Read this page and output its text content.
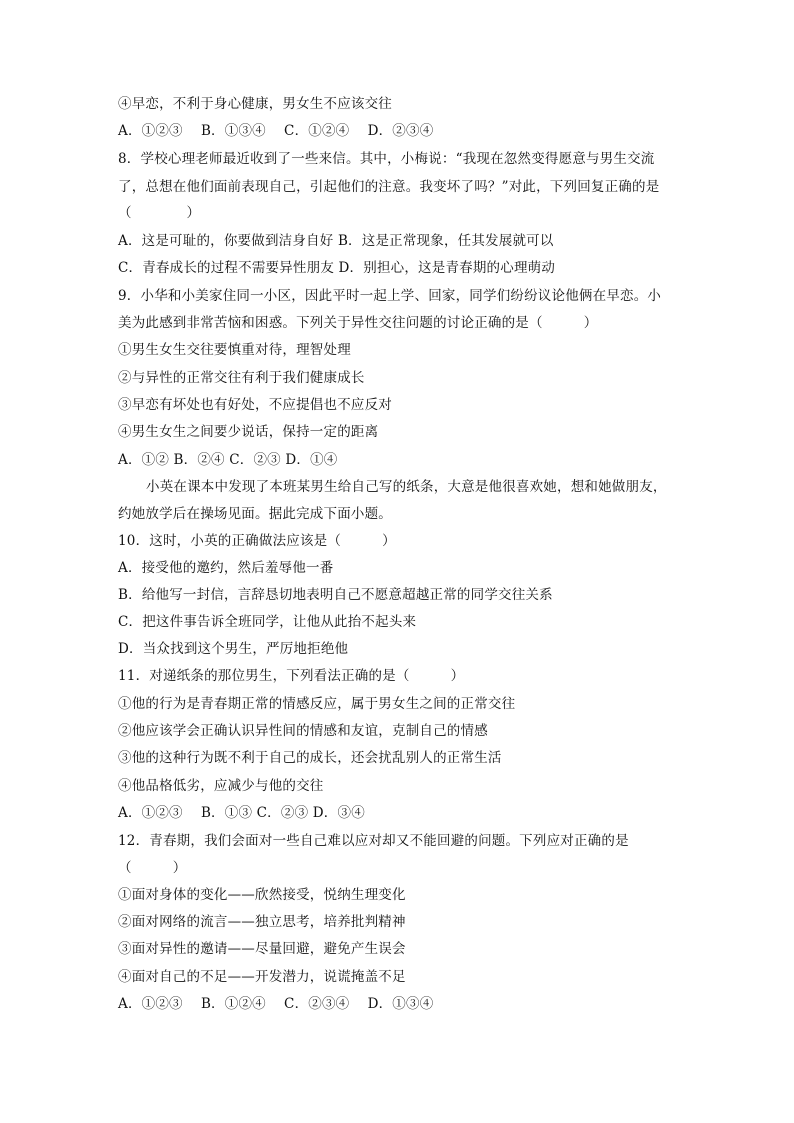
④早恋，不利于身心健康，男女生不应该交往
A．①②③　 B．①③④　 C．①②④　 D．②③④
8．学校心理老师最近收到了一些来信。其中，小梅说：“我现在忽然变得愿意与男生交流
了，总想在他们面前表现自己，引起他们的注意。我变坏了吗？”对此，下列回复正确的是
（　　　　）
A．这是可耻的，你要做到洁身自好 B．这是正常现象，任其发展就可以
C．青春成长的过程不需要异性朋友 D．别担心，这是青春期的心理萌动
9．小华和小美家住同一小区，因此平时一起上学、回家，同学们纷纷议论他俩在早恋。小
美为此感到非常苦恼和困惑。下列关于异性交往问题的讨论正确的是（　　　）
①男生女生交往要慎重对待，理智处理
②与异性的正常交往有利于我们健康成长
③早恋有坏处也有好处，不应提倡也不应反对
④男生女生之间要少说话，保持一定的距离
A．①② B．②④ C．②③ D．①④
小英在课本中发现了本班某男生给自己写的纸条，大意是他很喜欢她，想和她做朋友，
约她放学后在操场见面。据此完成下面小题。
10．这时，小英的正确做法应该是（　　　）
A．接受他的邀约，然后羞辱他一番
B．给他写一封信，言辞恳切地表明自己不愿意超越正常的同学交往关系
C．把这件事告诉全班同学，让他从此抬不起头来
D．当众找到这个男生，严厉地拒绝他
11．对递纸条的那位男生，下列看法正确的是（　　　）
①他的行为是青春期正常的情感反应，属于男女生之间的正常交往
②他应该学会正确认识异性间的情感和友谊，克制自己的情感
③他的这种行为既不利于自己的成长，还会扰乱别人的正常生活
④他品格低劣，应减少与他的交往
A．①②③　 B．①③ C．②③ D．③④
12．青春期，我们会面对一些自己难以应对却又不能回避的问题。下列应对正确的是
（　　　）
①面对身体的变化——欣然接受，悦纳生理变化
②面对网络的流言——独立思考，培养批判精神
③面对异性的邀请——尽量回避，避免产生误会
④面对自己的不足——开发潜力，说谎掩盖不足
A．①②③　 B．①②④　 C．②③④　 D．①③④
